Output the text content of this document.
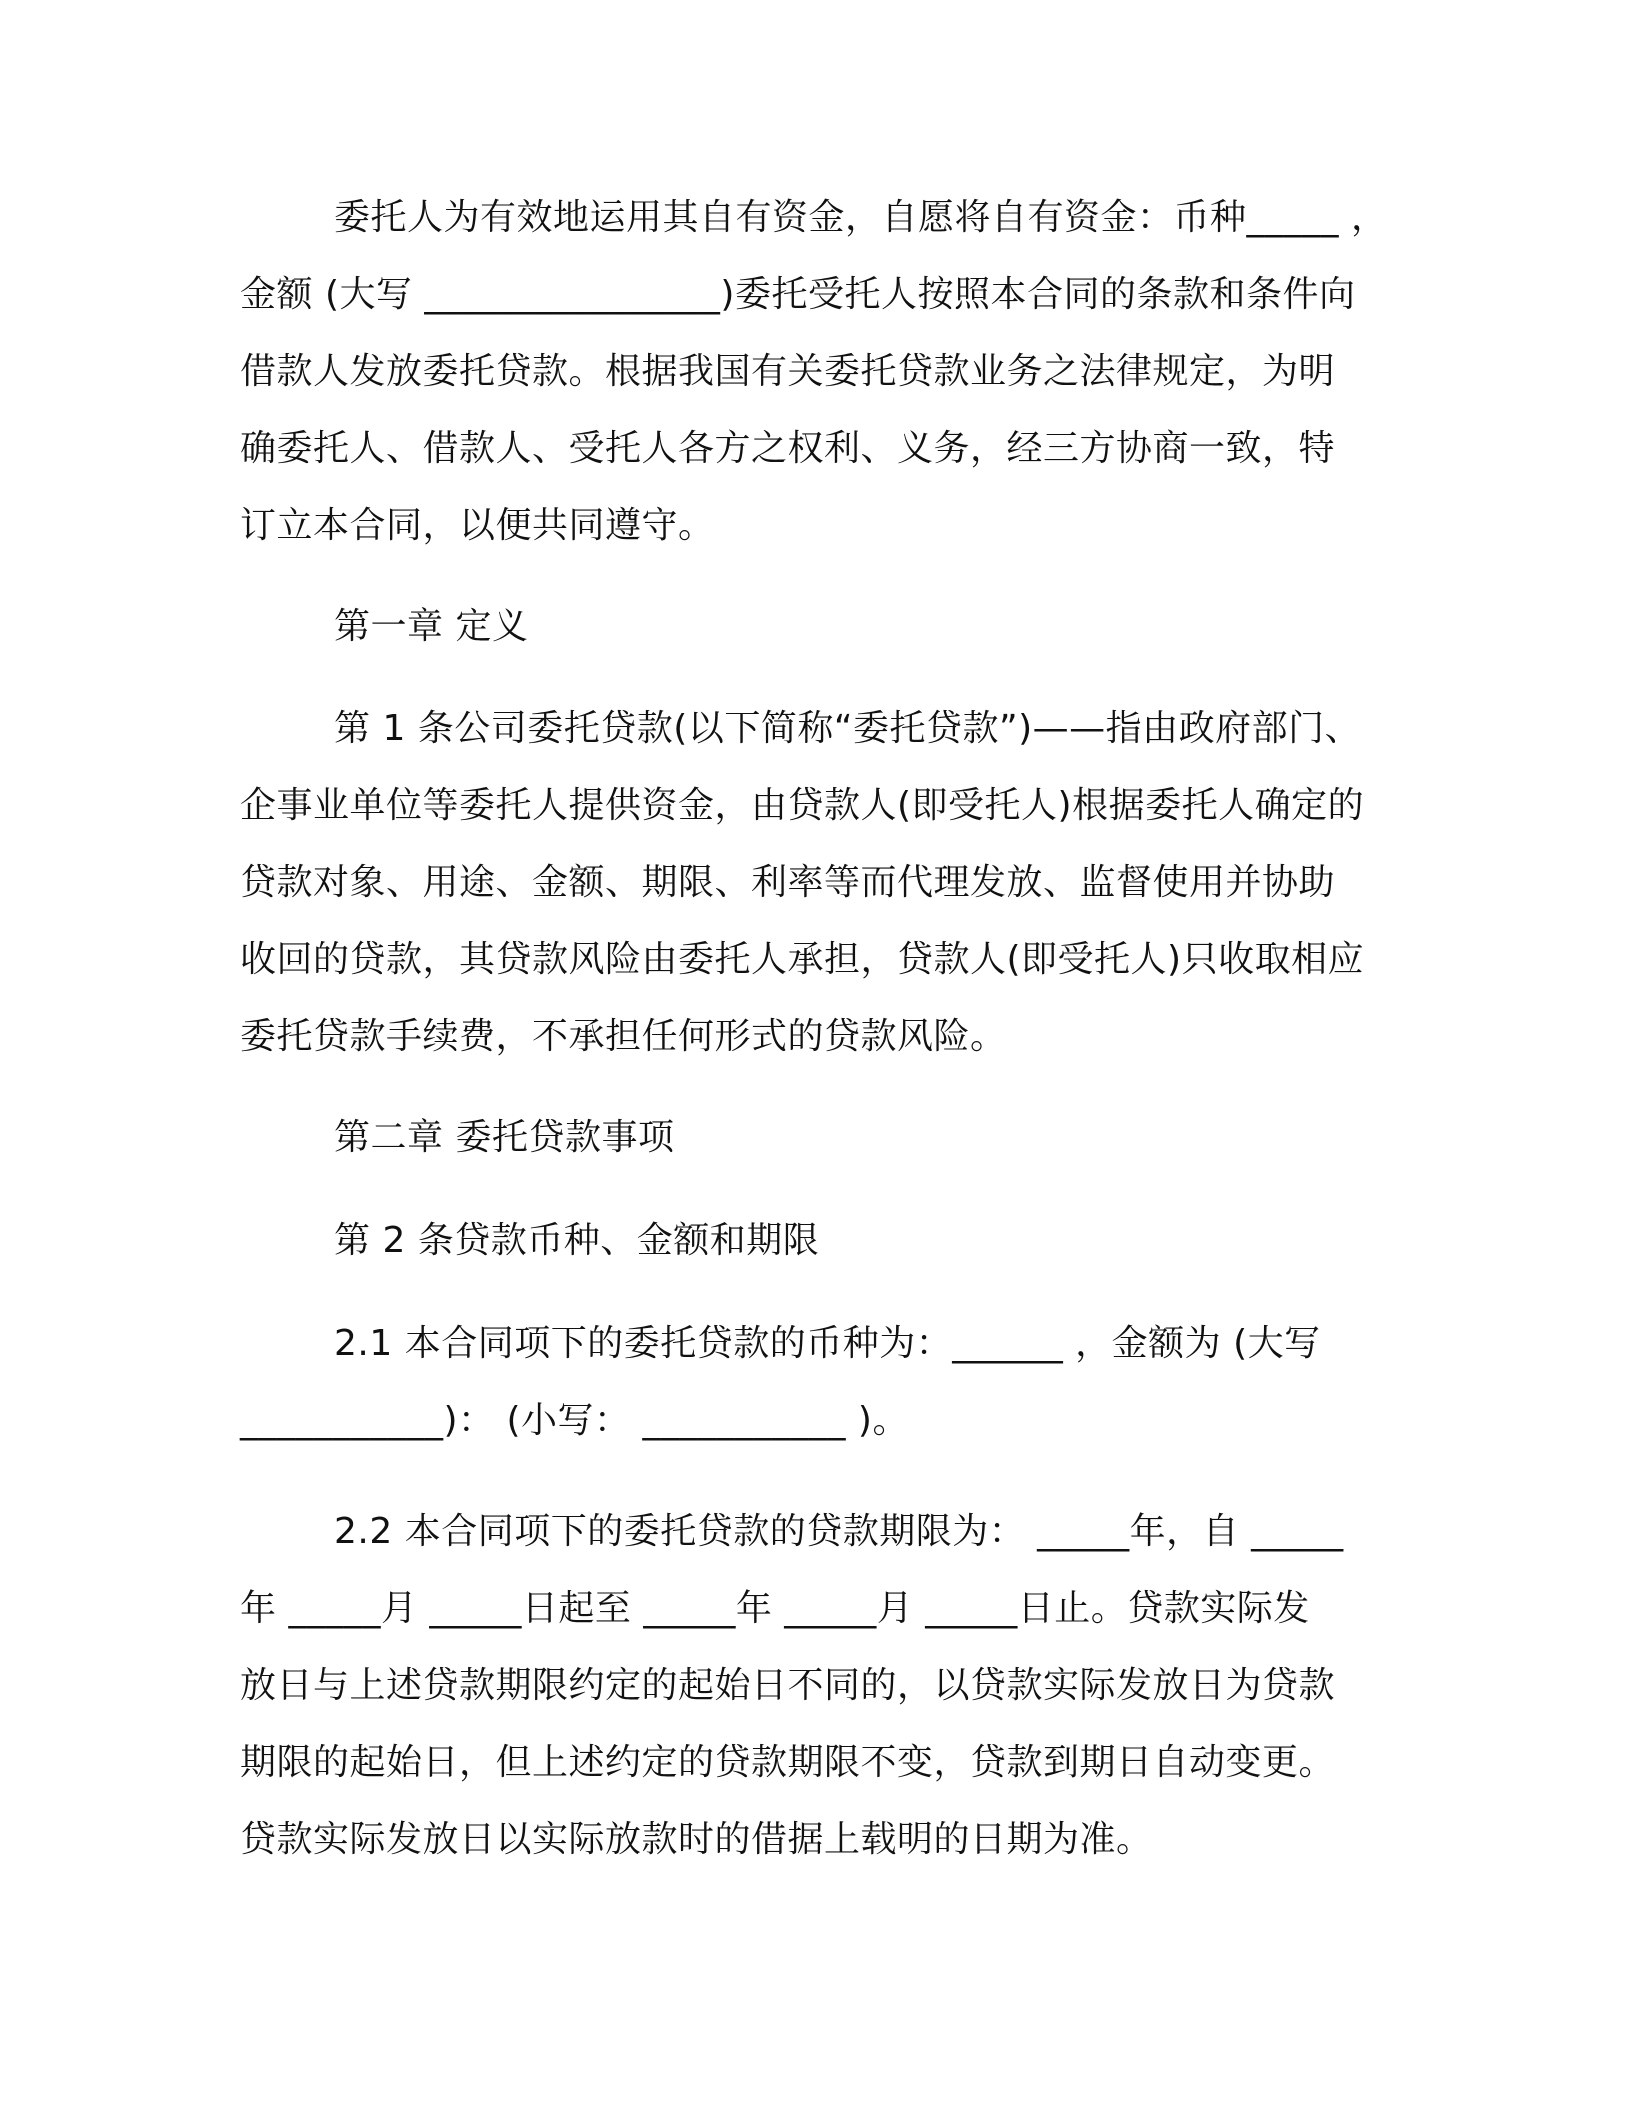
委托人为有效地运用其自有资金，自愿将自有资金：币种_____ ，
金额 (大写 ________________)委托受托人按照本合同的条款和条件向
借款人发放委托贷款。根据我国有关委托贷款业务之法律规定，为明
确委托人、借款人、受托人各方之权利、义务，经三方协商一致，特
订立本合同，以便共同遵守。
第一章 定义
第 1 条公司委托贷款(以下简称“委托贷款”)——指由政府部门、
企事业单位等委托人提供资金，由贷款人(即受托人)根据委托人确定的
贷款对象、用途、金额、期限、利率等而代理发放、监督使用并协助
收回的贷款，其贷款风险由委托人承担，贷款人(即受托人)只收取相应
委托贷款手续费，不承担任何形式的贷款风险。
第二章 委托贷款事项
第 2 条贷款币种、金额和期限
2.1 本合同项下的委托贷款的币种为：______ ，金额为 (大写
___________)： (小写： ___________ )。
2.2 本合同项下的委托贷款的贷款期限为： _____年，自 _____
年 _____月 _____日起至 _____年 _____月 _____日止。贷款实际发
放日与上述贷款期限约定的起始日不同的，以贷款实际发放日为贷款
期限的起始日，但上述约定的贷款期限不变，贷款到期日自动变更。
贷款实际发放日以实际放款时的借据上载明的日期为准。
